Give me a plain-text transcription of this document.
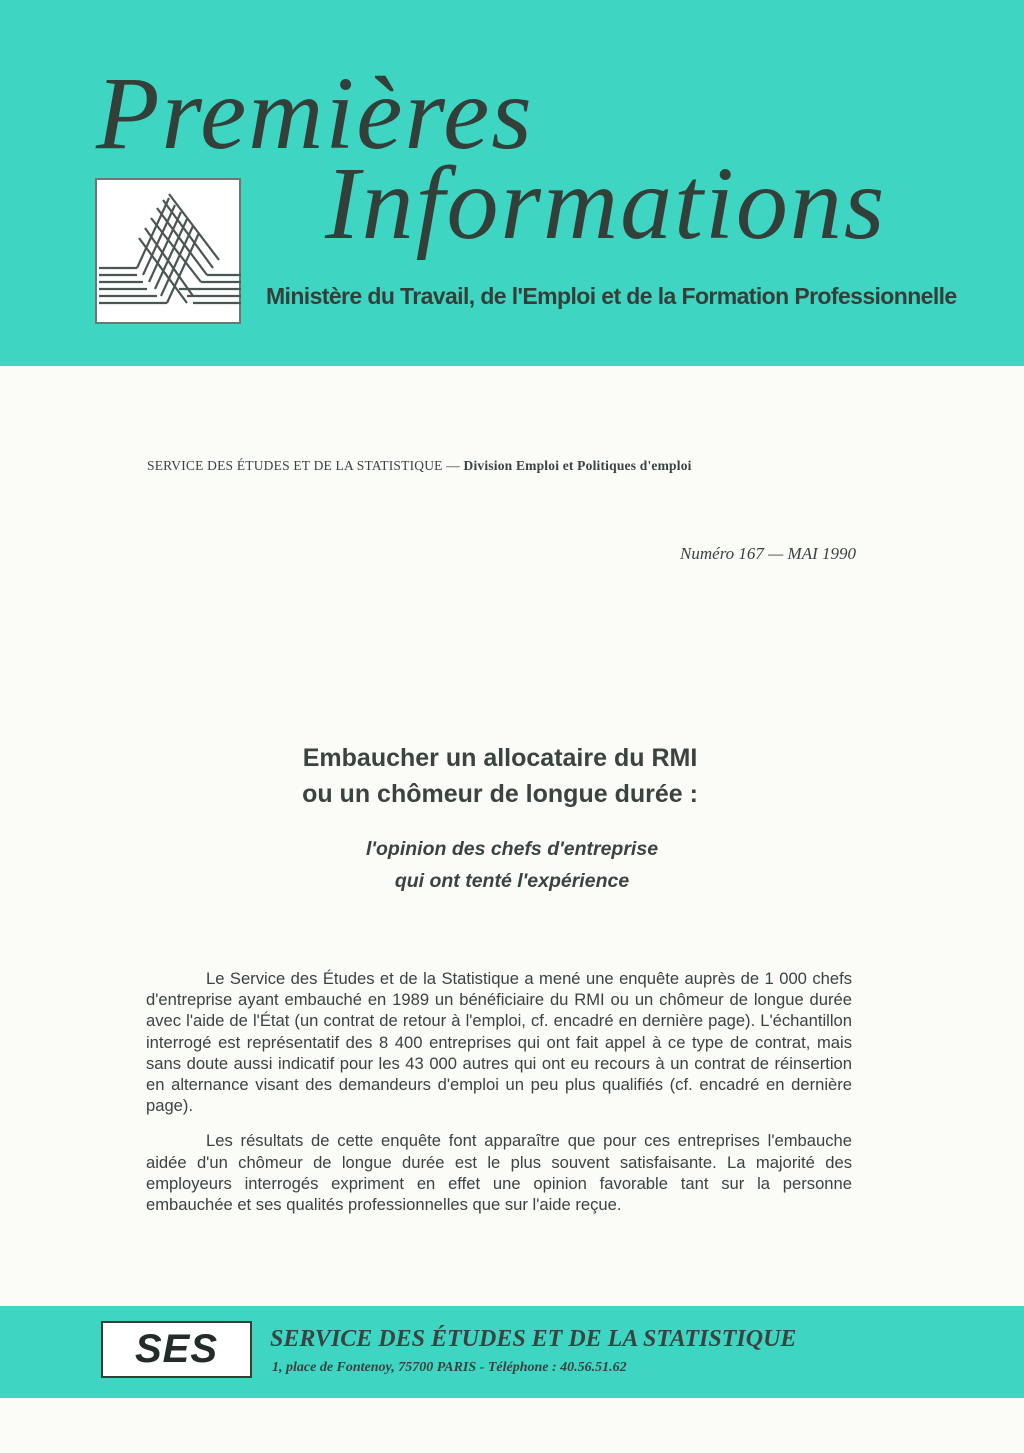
Premières
Informations
Ministère du Travail, de l'Emploi et de la Formation Professionnelle
SERVICE DES ÉTUDES ET DE LA STATISTIQUE — Division Emploi et Politiques d'emploi
Numéro 167 — MAI 1990
Embaucher un allocataire du RMI
ou un chômeur de longue durée :
l'opinion des chefs d'entreprise
qui ont tenté l'expérience

Le Service des Études et de la Statistique a mené une enquête auprès de 1 000 chefs d'entreprise ayant embauché en 1989 un bénéficiaire du RMI ou un chômeur de longue durée avec l'aide de l'État (un contrat de retour à l'emploi, cf. encadré en dernière page). L'échantillon interrogé est représentatif des 8 400 entreprises qui ont fait appel à ce type de contrat, mais sans doute aussi indicatif pour les 43 000 autres qui ont eu recours à un contrat de réinsertion en alternance visant des demandeurs d'emploi un peu plus qualifiés (cf. encadré en dernière page).

Les résultats de cette enquête font apparaître que pour ces entreprises l'embauche aidée d'un chômeur de longue durée est le plus souvent satisfaisante. La majorité des employeurs interrogés expriment en effet une opinion favorable tant sur la personne embauchée et ses qualités professionnelles que sur l'aide reçue.

SES	SERVICE DES ÉTUDES ET DE LA STATISTIQUE
1, place de Fontenoy, 75700 PARIS - Téléphone : 40.56.51.62
